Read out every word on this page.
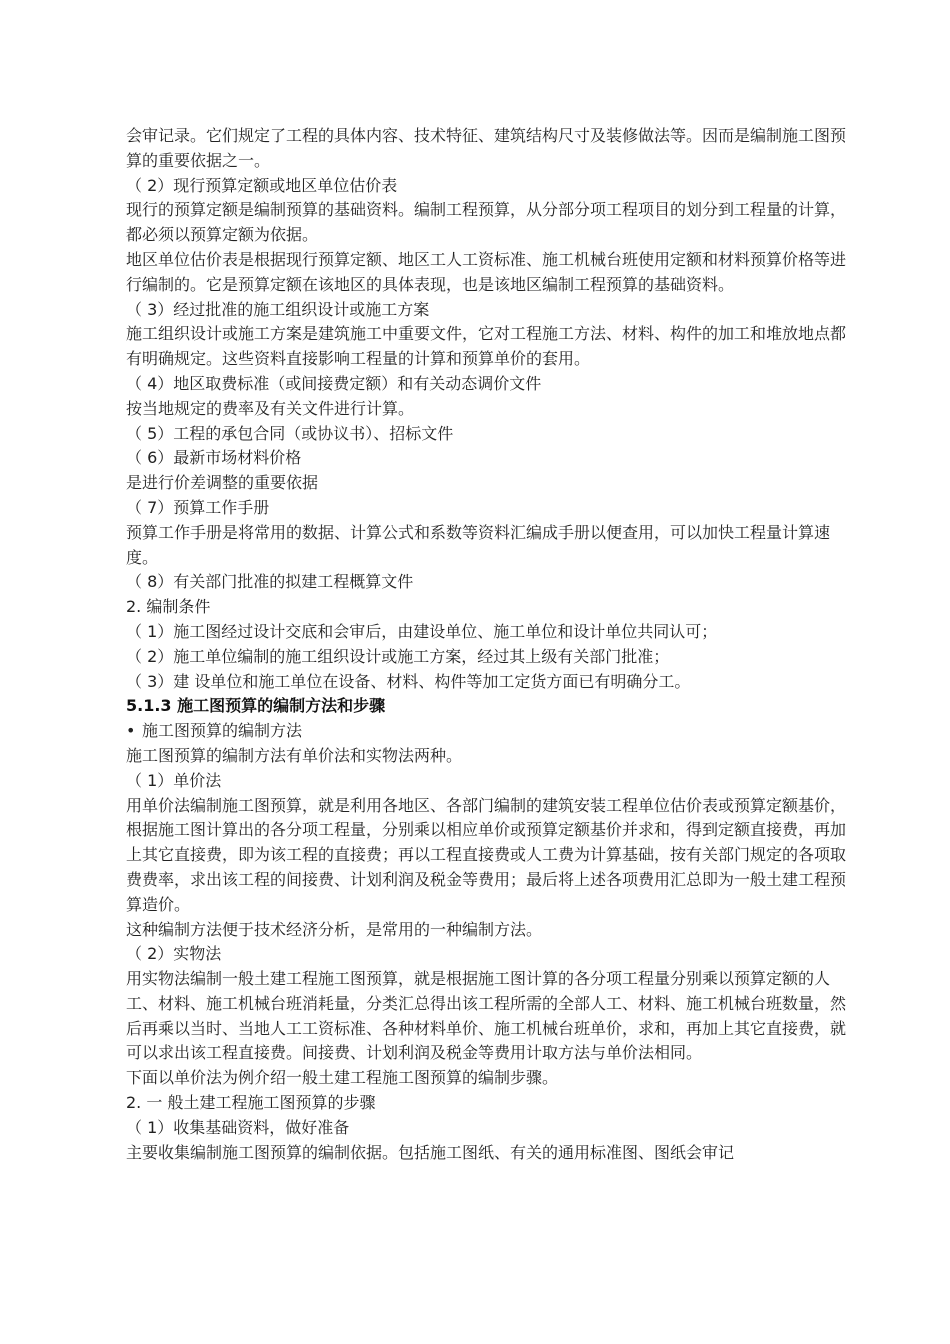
会审记录。它们规定了工程的具体内容、技术特征、建筑结构尺寸及装修做法等。因而是编制施工图预算的重要依据之一。

（ 2）现行预算定额或地区单位估价表

现行的预算定额是编制预算的基础资料。编制工程预算，从分部分项工程项目的划分到工程量的计算，都必须以预算定额为依据。

地区单位估价表是根据现行预算定额、地区工人工资标准、施工机械台班使用定额和材料预算价格等进行编制的。它是预算定额在该地区的具体表现，也是该地区编制工程预算的基础资料。

（ 3）经过批准的施工组织设计或施工方案

施工组织设计或施工方案是建筑施工中重要文件，它对工程施工方法、材料、构件的加工和堆放地点都有明确规定。这些资料直接影响工程量的计算和预算单价的套用。

（ 4）地区取费标准（或间接费定额）和有关动态调价文件

按当地规定的费率及有关文件进行计算。

（ 5）工程的承包合同（或协议书）、招标文件

（ 6）最新市场材料价格

是进行价差调整的重要依据

（ 7）预算工作手册

预算工作手册是将常用的数据、计算公式和系数等资料汇编成手册以便查用，可以加快工程量计算速度。

（ 8）有关部门批准的拟建工程概算文件

2. 编制条件

（ 1）施工图经过设计交底和会审后，由建设单位、施工单位和设计单位共同认可；

（ 2）施工单位编制的施工组织设计或施工方案，经过其上级有关部门批准；

（ 3）建 设单位和施工单位在设备、材料、构件等加工定货方面已有明确分工。

5.1.3 施工图预算的编制方法和步骤

• 施工图预算的编制方法

施工图预算的编制方法有单价法和实物法两种。

（ 1）单价法

用单价法编制施工图预算，就是利用各地区、各部门编制的建筑安装工程单位估价表或预算定额基价，根据施工图计算出的各分项工程量，分别乘以相应单价或预算定额基价并求和，得到定额直接费，再加上其它直接费，即为该工程的直接费；再以工程直接费或人工费为计算基础，按有关部门规定的各项取费费率，求出该工程的间接费、计划利润及税金等费用；最后将上述各项费用汇总即为一般土建工程预算造价。

这种编制方法便于技术经济分析，是常用的一种编制方法。

（ 2）实物法

用实物法编制一般土建工程施工图预算，就是根据施工图计算的各分项工程量分别乘以预算定额的人工、材料、施工机械台班消耗量，分类汇总得出该工程所需的全部人工、材料、施工机械台班数量，然后再乘以当时、当地人工工资标准、各种材料单价、施工机械台班单价，求和，再加上其它直接费，就可以求出该工程直接费。间接费、计划利润及税金等费用计取方法与单价法相同。

下面以单价法为例介绍一般土建工程施工图预算的编制步骤。

2. 一 般土建工程施工图预算的步骤

（ 1）收集基础资料，做好准备

主要收集编制施工图预算的编制依据。包括施工图纸、有关的通用标准图、图纸会审记
